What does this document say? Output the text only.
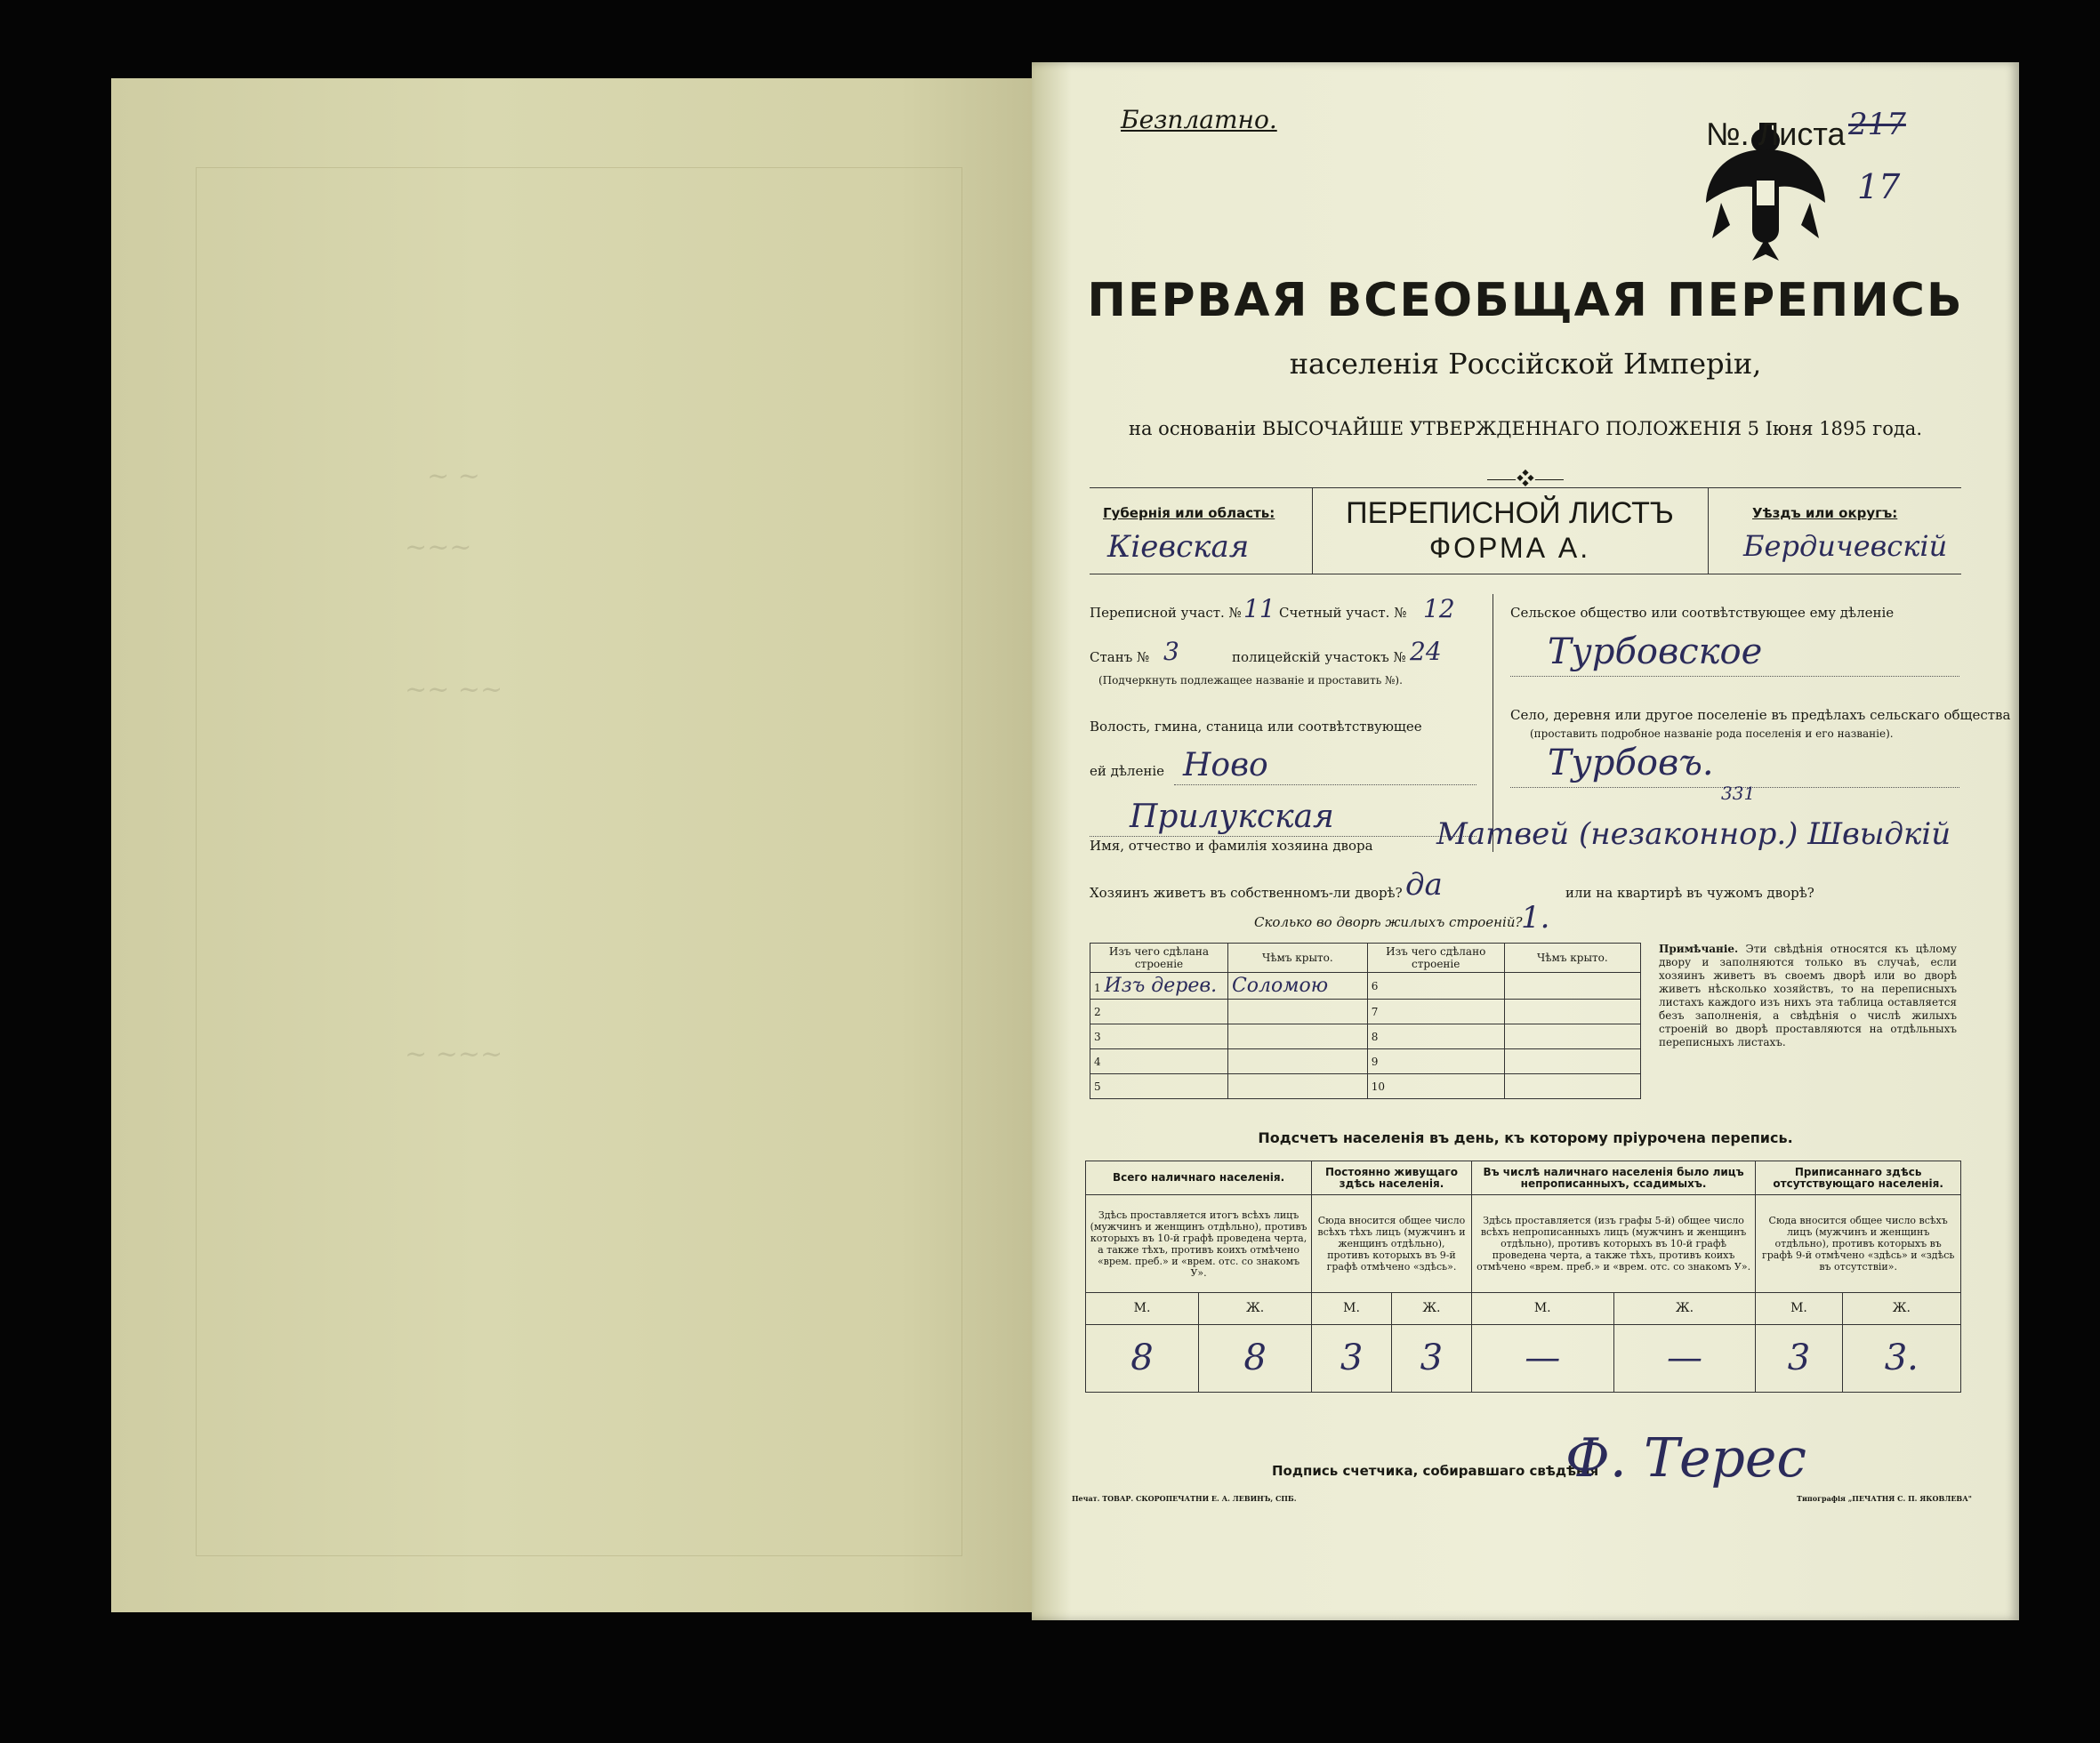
~ ~
~~~
~~ ~~
~ ~~~
Безплатно.	№. Листа 217
17
ПЕРВАЯ ВСЕОБЩАЯ ПЕРЕПИСЬ
населенія Россійской Имперіи,
на основаніи ВЫСОЧАЙШЕ УТВЕРЖДЕННАГО ПОЛОЖЕНІЯ 5 Іюня 1895 года.
⸺❖⸺
Губернія или область:
Кіевская
ПЕРЕПИСНОЙ ЛИСТЪ
ФОРМА А.
Уѣздъ или округъ:
Бердичевскій
Переписной участ. № 11 Счетный участ. № 12
Станъ № 3	полицейскій участокъ № 24
(Подчеркнуть подлежащее названіе и проставить №).
Волость, гмина, станица или соотвѣтствующее
ей дѣленіе Ново
Прилукская
Сельское общество или соотвѣтствующее ему дѣленіе
Турбовское
Село, деревня или другое поселеніе въ предѣлахъ сельскаго общества
(проставить подробное названіе рода поселенія и его названіе).
Турбовъ.
331
Имя, отчество и фамилія хозяина двора Матвей (незаконнор.) Швыдкій
Хозяинъ живетъ въ собственномъ-ли дворѣ? да	или на квартирѣ въ чужомъ дворѣ?
Сколько во дворѣ жилыхъ строеній?
1.
Изъ чего сдѣлана строеніе	Чѣмъ крыто.	Изъ чего сдѣлано строеніе	Чѣмъ крыто.
1 Изъ дерев.	Соломою	6	
2		7	
3		8	
4		9	
5		10	
Примѣчаніе. Эти свѣдѣнія относятся къ цѣлому двору и заполняются только въ случаѣ, если хозяинъ живетъ въ своемъ дворѣ или во дворѣ живетъ нѣсколько хозяйствъ, то на переписныхъ листахъ каждого изъ нихъ эта таблица оставляется безъ заполненія, а свѣдѣнія о числѣ жилыхъ строеній во дворѣ проставляются на отдѣльныхъ переписныхъ листахъ.
Подсчетъ населенія въ день, къ которому пріурочена перепись.
Всего наличнаго населенія.		Постоянно живущаго здѣсь населенія.		Въ числѣ наличнаго населенія было лицъ непрописанныхъ, ссадимыхъ.		Приписаннаго здѣсь отсутствующаго населенія.	
Здѣсь проставляется итогъ всѣхъ лицъ (мужчинъ и женщинъ отдѣльно), противъ которыхъ въ 10-й графѣ проведена черта, а также тѣхъ, противъ коихъ отмѣчено «врем. преб.» и «врем. отс. со знакомъ У».		Сюда вносится общее число всѣхъ тѣхъ лицъ (мужчинъ и женщинъ отдѣльно), противъ которыхъ въ 9-й графѣ отмѣчено «здѣсь».		Здѣсь проставляется (изъ графы 5-й) общее число всѣхъ непрописанныхъ лицъ (мужчинъ и женщинъ отдѣльно), противъ которыхъ въ 10-й графѣ проведена черта, а также тѣхъ, противъ коихъ отмѣчено «врем. преб.» и «врем. отс. со знакомъ У».		Сюда вносится общее число всѣхъ лицъ (мужчинъ и женщинъ отдѣльно), противъ которыхъ въ графѣ 9-й отмѣчено «здѣсь» и «здѣсь въ отсутствіи».	
М.	Ж.	М.	Ж.	М.	Ж.	М.	Ж.
8	8	3	3	—	—	3	3.
Подпись счетчика, собиравшаго свѣдѣнія
Ф. Терес
Печат. ТОВАР. СКОРОПЕЧАТНИ Е. А. ЛЕВИНЪ, СПБ.	Типографія „ПЕЧАТНЯ С. П. ЯКОВЛЕВА"
